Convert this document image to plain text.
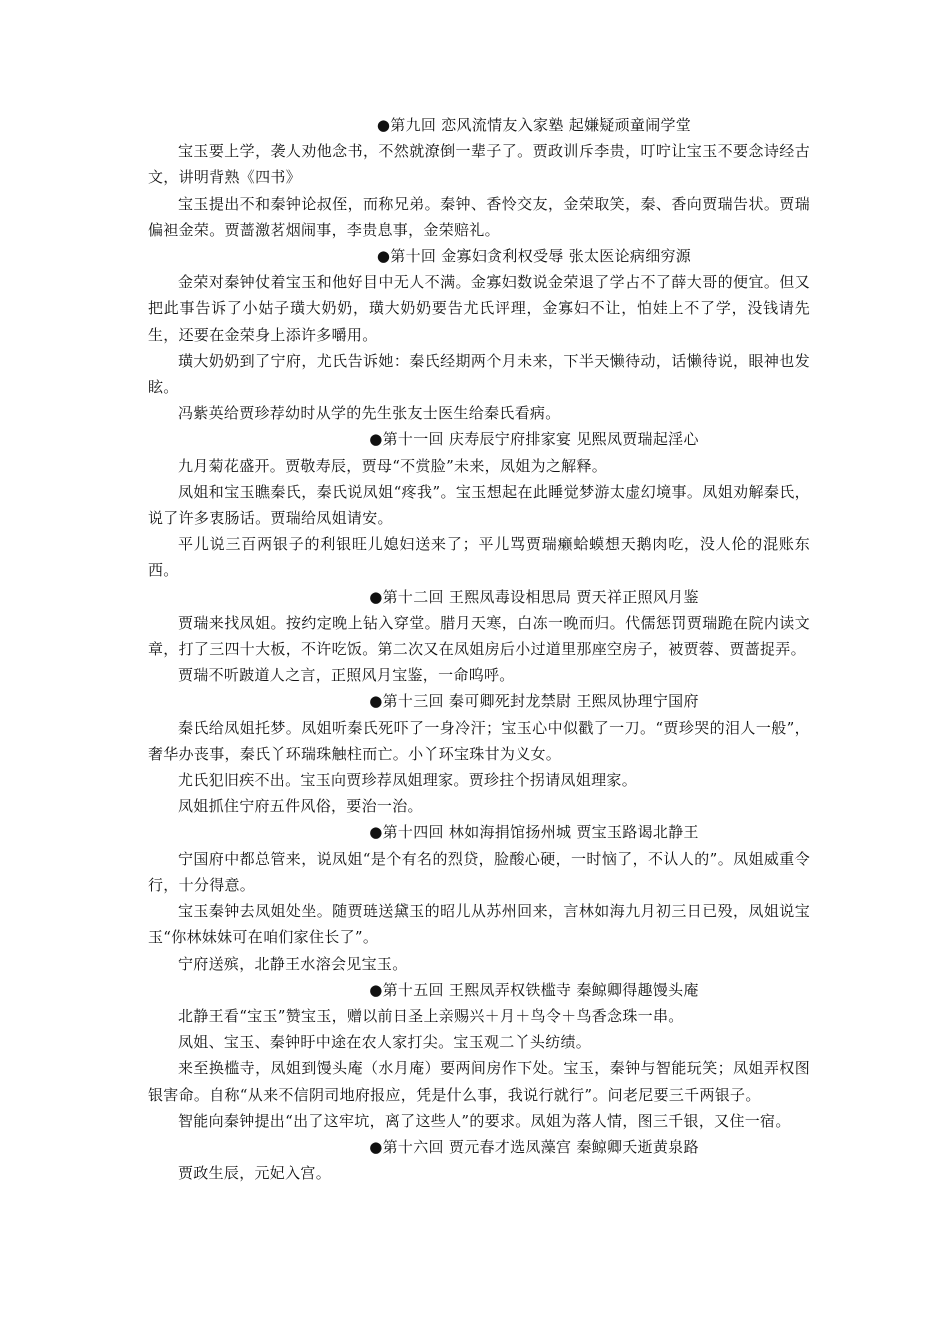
●第九回 恋风流情友入家塾 起嫌疑顽童闹学堂

宝玉要上学，袭人劝他念书，不然就潦倒一辈子了。贾政训斥李贵，叮咛让宝玉不要念诗经古文，讲明背熟《四书》

宝玉提出不和秦钟论叔侄，而称兄弟。秦钟、香怜交友，金荣取笑，秦、香向贾瑞告状。贾瑞偏袒金荣。贾蔷激茗烟闹事，李贵息事，金荣赔礼。

●第十回 金寡妇贪利权受辱 张太医论病细穷源

金荣对秦钟仗着宝玉和他好目中无人不满。金寡妇数说金荣退了学占不了薛大哥的便宜。但又把此事告诉了小姑子璜大奶奶，璜大奶奶要告尤氏评理，金寡妇不让，怕娃上不了学，没钱请先生，还要在金荣身上添许多嚼用。

璜大奶奶到了宁府，尤氏告诉她：秦氏经期两个月未来，下半天懒待动，话懒待说，眼神也发眩。

冯紫英给贾珍荐幼时从学的先生张友士医生给秦氏看病。

●第十一回 庆寿辰宁府排家宴 见熙凤贾瑞起淫心

九月菊花盛开。贾敬寿辰，贾母“不赏脸”未来，凤姐为之解释。

凤姐和宝玉瞧秦氏，秦氏说凤姐“疼我”。宝玉想起在此睡觉梦游太虚幻境事。凤姐劝解秦氏，说了许多衷肠话。贾瑞给凤姐请安。

平儿说三百两银子的利银旺儿媳妇送来了；平儿骂贾瑞癞蛤蟆想天鹅肉吃，没人伦的混账东西。

●第十二回 王熙凤毒设相思局 贾天祥正照风月鉴

贾瑞来找凤姐。按约定晚上钻入穿堂。腊月天寒，白冻一晚而归。代儒惩罚贾瑞跪在院内读文章，打了三四十大板，不许吃饭。第二次又在凤姐房后小过道里那座空房子，被贾蓉、贾蔷捉弄。

贾瑞不听跛道人之言，正照风月宝鉴，一命呜呼。

●第十三回 秦可卿死封龙禁尉 王熙凤协理宁国府

秦氏给凤姐托梦。凤姐听秦氏死吓了一身冷汗；宝玉心中似戳了一刀。“贾珍哭的泪人一般”，奢华办丧事，秦氏丫环瑞珠触柱而亡。小丫环宝珠甘为义女。

尤氏犯旧疾不出。宝玉向贾珍荐凤姐理家。贾珍拄个拐请凤姐理家。

凤姐抓住宁府五件风俗，要治一治。

●第十四回 林如海捐馆扬州城 贾宝玉路谒北静王

宁国府中都总管来，说凤姐“是个有名的烈贷，脸酸心硬，一时恼了，不认人的”。凤姐威重令行，十分得意。

宝玉秦钟去凤姐处坐。随贾琏送黛玉的昭儿从苏州回来，言林如海九月初三日已殁，凤姐说宝玉“你林妹妹可在咱们家住长了”。

宁府送殡，北静王水溶会见宝玉。

●第十五回 王熙凤弄权铁槛寺 秦鲸卿得趣馒头庵

北静王看“宝玉”赞宝玉，赠以前日圣上亲赐兴＋月＋鸟令＋鸟香念珠一串。

凤姐、宝玉、秦钟盱中途在农人家打尖。宝玉观二丫头纺绩。

来至换槛寺，凤姐到馒头庵（水月庵）要两间房作下处。宝玉，秦钟与智能玩笑；凤姐弄权图银害命。自称“从来不信阴司地府报应，凭是什么事，我说行就行”。问老尼要三千两银子。

智能向秦钟提出“出了这牢坑，离了这些人”的要求。凤姐为落人情，图三千银，又住一宿。

●第十六回 贾元春才选凤藻宫 秦鲸卿夭逝黄泉路

贾政生辰，元妃入宫。
